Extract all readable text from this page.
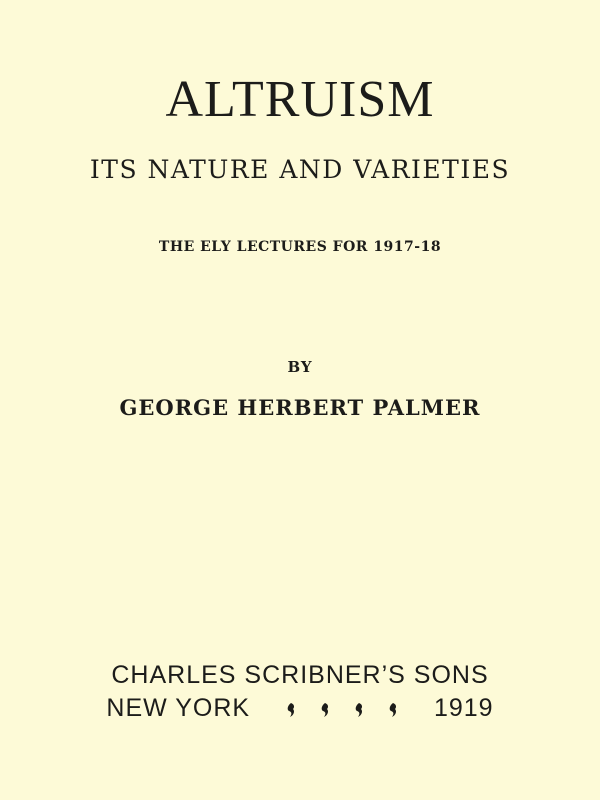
ALTRUISM
ITS NATURE AND VARIETIES
THE ELY LECTURES FOR 1917-18
BY
GEORGE HERBERT PALMER
CHARLES SCRIBNER’S SONS
NEW YORK	1919
